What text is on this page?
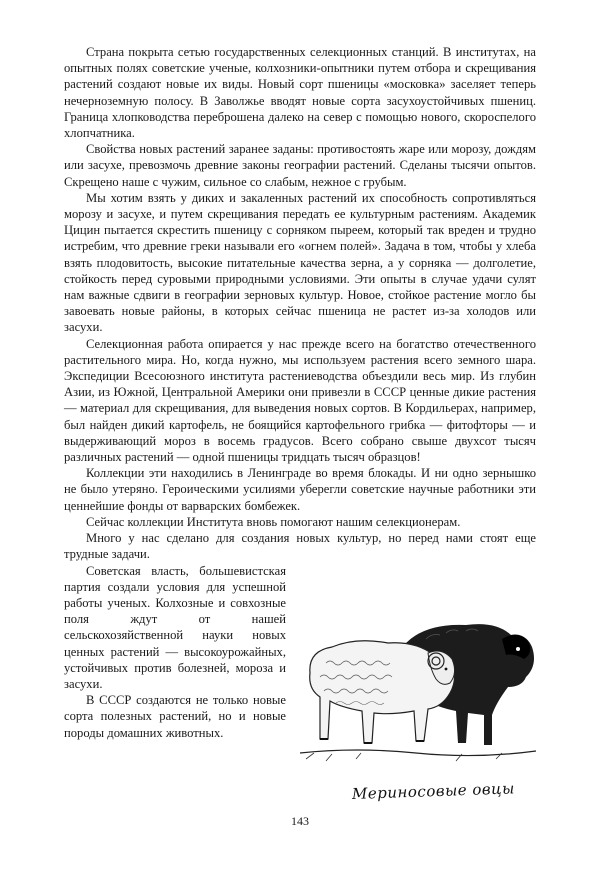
Страна покрыта сетью государственных селекционных станций. В институтах, на опытных полях советские ученые, колхозники-опытники путем отбора и скрещивания растений создают новые их виды. Новый сорт пшеницы «московка» заселяет теперь нечерноземную полосу. В Заволжье вводят новые сорта засухоустойчивых пшениц. Граница хлопководства переброшена далеко на север с помощью нового, скороспелого хлопчатника.

Свойства новых растений заранее заданы: противостоять жаре или морозу, дождям или засухе, превозмочь древние законы географии растений. Сделаны тысячи опытов. Скрещено наше с чужим, сильное со слабым, нежное с грубым.

Мы хотим взять у диких и закаленных растений их способность сопротивляться морозу и засухе, и путем скрещивания передать ее культурным растениям. Академик Цицин пытается скрестить пшеницу с сорняком пыреем, который так вреден и трудно истребим, что древние греки называли его «огнем полей». Задача в том, чтобы у хлеба взять плодовитость, высокие питательные качества зерна, а у сорняка — долголетие, стойкость перед суровыми природными условиями. Эти опыты в случае удачи сулят нам важные сдвиги в географии зерновых культур. Новое, стойкое растение могло бы завоевать новые районы, в которых сейчас пшеница не растет из-за холодов или засухи.

Селекционная работа опирается у нас прежде всего на богатство отечественного растительного мира. Но, когда нужно, мы используем растения всего земного шара. Экспедиции Всесоюзного института растениеводства объездили весь мир. Из глубин Азии, из Южной, Центральной Америки они привезли в СССР ценные дикие растения — материал для скрещивания, для выведения новых сортов. В Кордильерах, например, был найден дикий картофель, не боящийся картофельного грибка — фитофторы — и выдерживающий мороз в восемь градусов. Всего собрано свыше двухсот тысяч различных растений — одной пшеницы тридцать тысяч образцов!

Коллекции эти находились в Ленинграде во время блокады. И ни одно зернышко не было утеряно. Героическими усилиями уберегли советские научные работники эти ценнейшие фонды от варварских бомбежек.

Сейчас коллекции Института вновь помогают нашим селекционерам.

Много у нас сделано для создания новых культур, но перед нами стоят еще трудные задачи.

Советская власть, большевистская партия создали условия для успешной работы ученых. Колхозные и совхозные поля ждут от нашей сельскохозяйственной науки новых ценных растений — высокоурожайных, устойчивых против болезней, мороза и засухи.

В СССР создаются не только новые сорта полезных растений, но и новые породы домашних животных.

Мериносовые овцы
143
